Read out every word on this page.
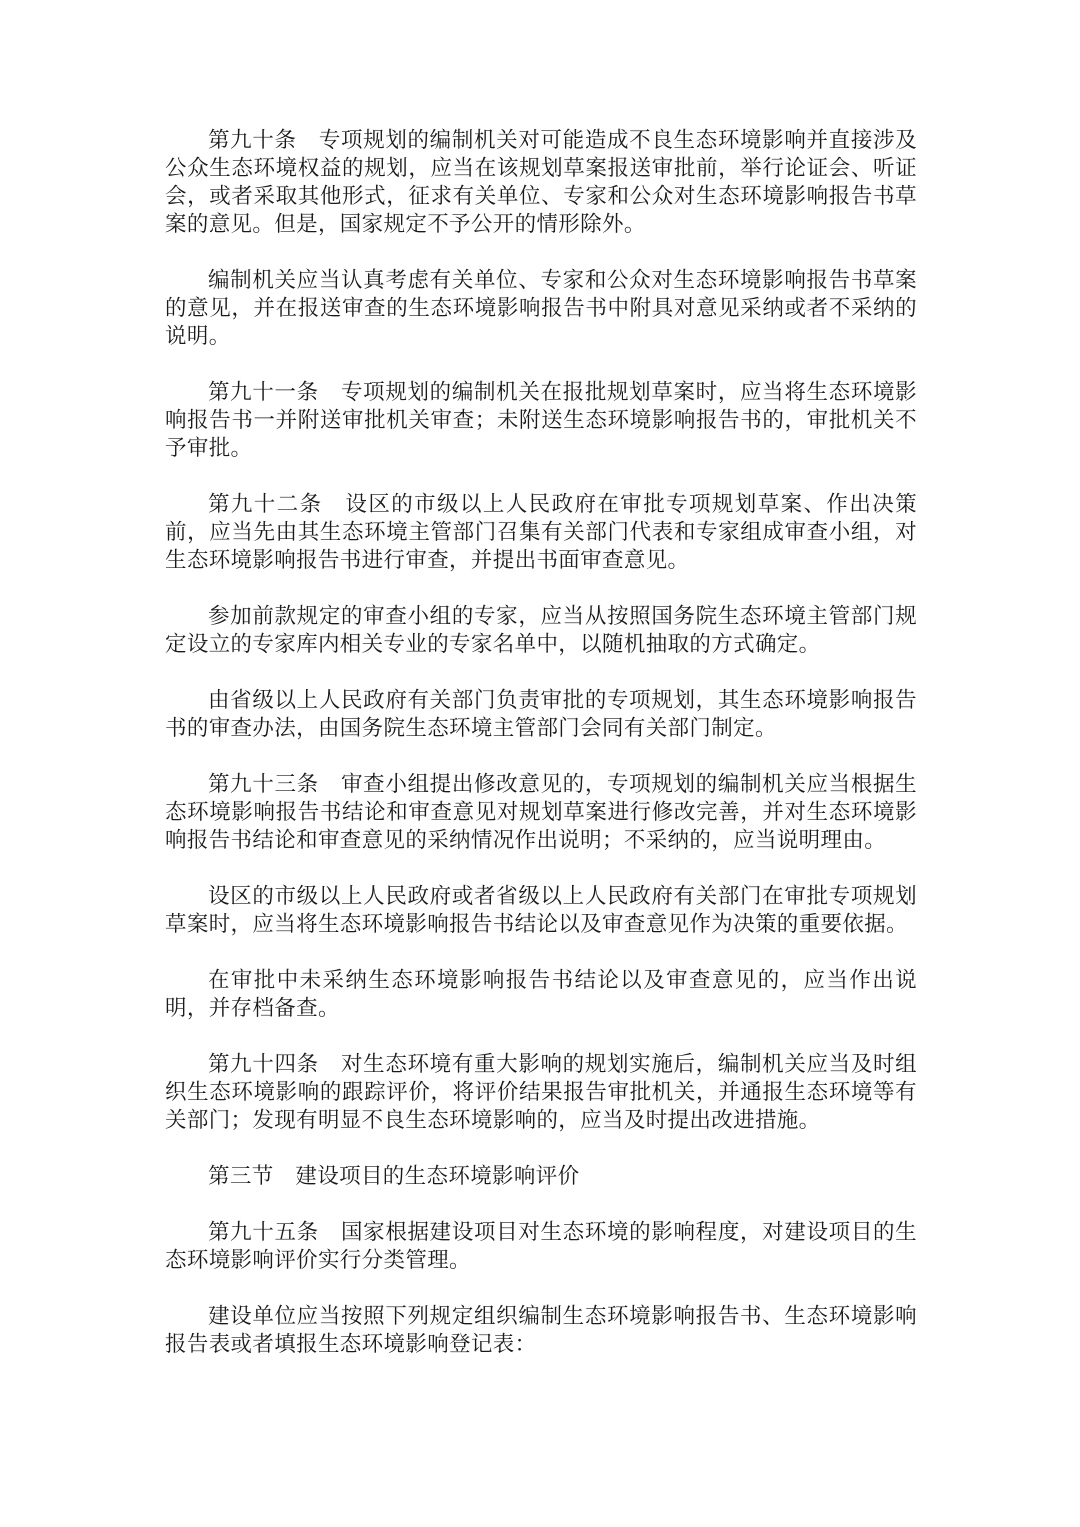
第九十条　专项规划的编制机关对可能造成不良生态环境影响并直接涉及公众生态环境权益的规划，应当在该规划草案报送审批前，举行论证会、听证会，或者采取其他形式，征求有关单位、专家和公众对生态环境影响报告书草案的意见。但是，国家规定不予公开的情形除外。

编制机关应当认真考虑有关单位、专家和公众对生态环境影响报告书草案的意见，并在报送审查的生态环境影响报告书中附具对意见采纳或者不采纳的说明。

第九十一条　专项规划的编制机关在报批规划草案时，应当将生态环境影响报告书一并附送审批机关审查；未附送生态环境影响报告书的，审批机关不予审批。

第九十二条　设区的市级以上人民政府在审批专项规划草案、作出决策前，应当先由其生态环境主管部门召集有关部门代表和专家组成审查小组，对生态环境影响报告书进行审查，并提出书面审查意见。

参加前款规定的审查小组的专家，应当从按照国务院生态环境主管部门规定设立的专家库内相关专业的专家名单中，以随机抽取的方式确定。

由省级以上人民政府有关部门负责审批的专项规划，其生态环境影响报告书的审查办法，由国务院生态环境主管部门会同有关部门制定。

第九十三条　审查小组提出修改意见的，专项规划的编制机关应当根据生态环境影响报告书结论和审查意见对规划草案进行修改完善，并对生态环境影响报告书结论和审查意见的采纳情况作出说明；不采纳的，应当说明理由。

设区的市级以上人民政府或者省级以上人民政府有关部门在审批专项规划草案时，应当将生态环境影响报告书结论以及审查意见作为决策的重要依据。

在审批中未采纳生态环境影响报告书结论以及审查意见的，应当作出说明，并存档备查。

第九十四条　对生态环境有重大影响的规划实施后，编制机关应当及时组织生态环境影响的跟踪评价，将评价结果报告审批机关，并通报生态环境等有关部门；发现有明显不良生态环境影响的，应当及时提出改进措施。

第三节　建设项目的生态环境影响评价

第九十五条　国家根据建设项目对生态环境的影响程度，对建设项目的生态环境影响评价实行分类管理。

建设单位应当按照下列规定组织编制生态环境影响报告书、生态环境影响报告表或者填报生态环境影响登记表：
